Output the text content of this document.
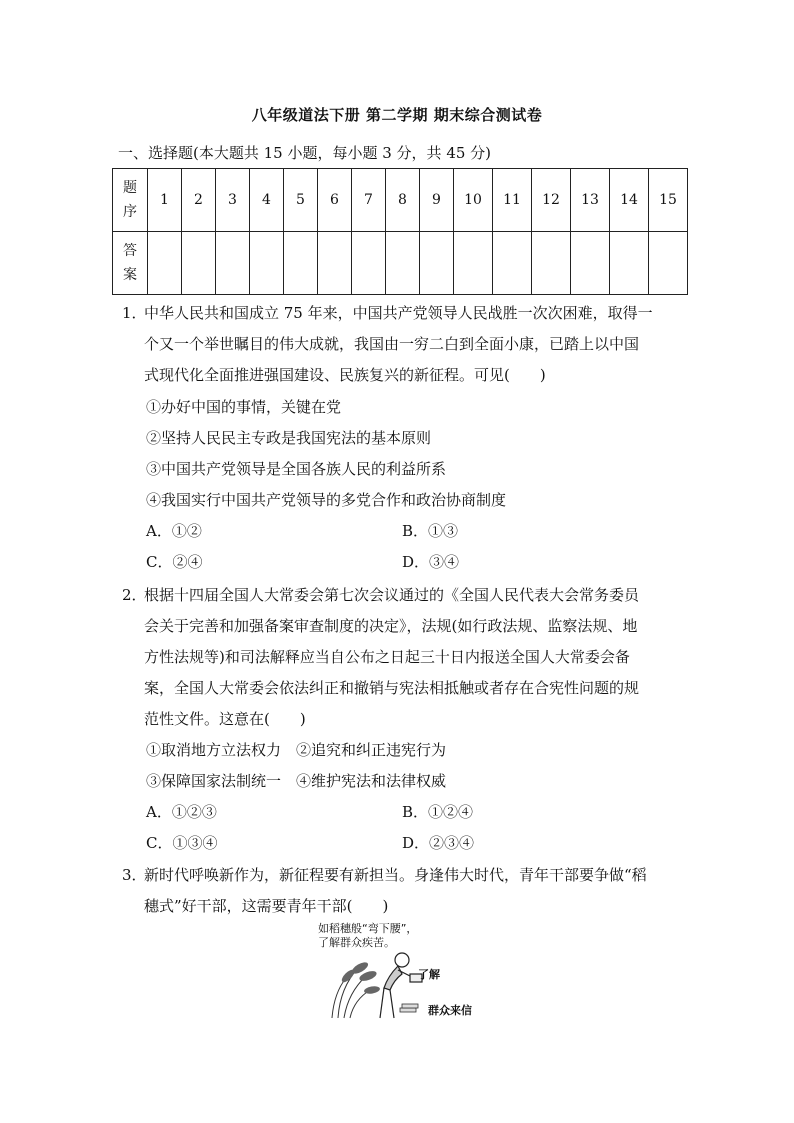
八年级道法下册 第二学期 期末综合测试卷
一、选择题(本大题共 15 小题，每小题 3 分，共 45 分)
题
序	1	2	3	4	5	6	7	8	9	10	11	12	13	14	15
答
案															
1．中华人民共和国成立 75 年来，中国共产党领导人民战胜一次次困难，取得一
个又一个举世瞩目的伟大成就，我国由一穷二白到全面小康，已踏上以中国
式现代化全面推进强国建设、民族复兴的新征程。可见(　　)
①办好中国的事情，关键在党
②坚持人民民主专政是我国宪法的基本原则
③中国共产党领导是全国各族人民的利益所系
④我国实行中国共产党领导的多党合作和政治协商制度
A．①②	B．①③
C．②④	D．③④
2．根据十四届全国人大常委会第七次会议通过的《全国人民代表大会常务委员
会关于完善和加强备案审查制度的决定》，法规(如行政法规、监察法规、地
方性法规等)和司法解释应当自公布之日起三十日内报送全国人大常委会备
案，全国人大常委会依法纠正和撤销与宪法相抵触或者存在合宪性问题的规
范性文件。这意在(　　)
①取消地方立法权力　②追究和纠正违宪行为
③保障国家法制统一　④维护宪法和法律权威
A．①②③	B．①②④
C．①③④	D．②③④
3．新时代呼唤新作为，新征程要有新担当。身逢伟大时代，青年干部要争做“稻
穗式”好干部，这需要青年干部(　　)
如稻穗般“弯下腰”，
了解群众疾苦。
了解
群众来信
